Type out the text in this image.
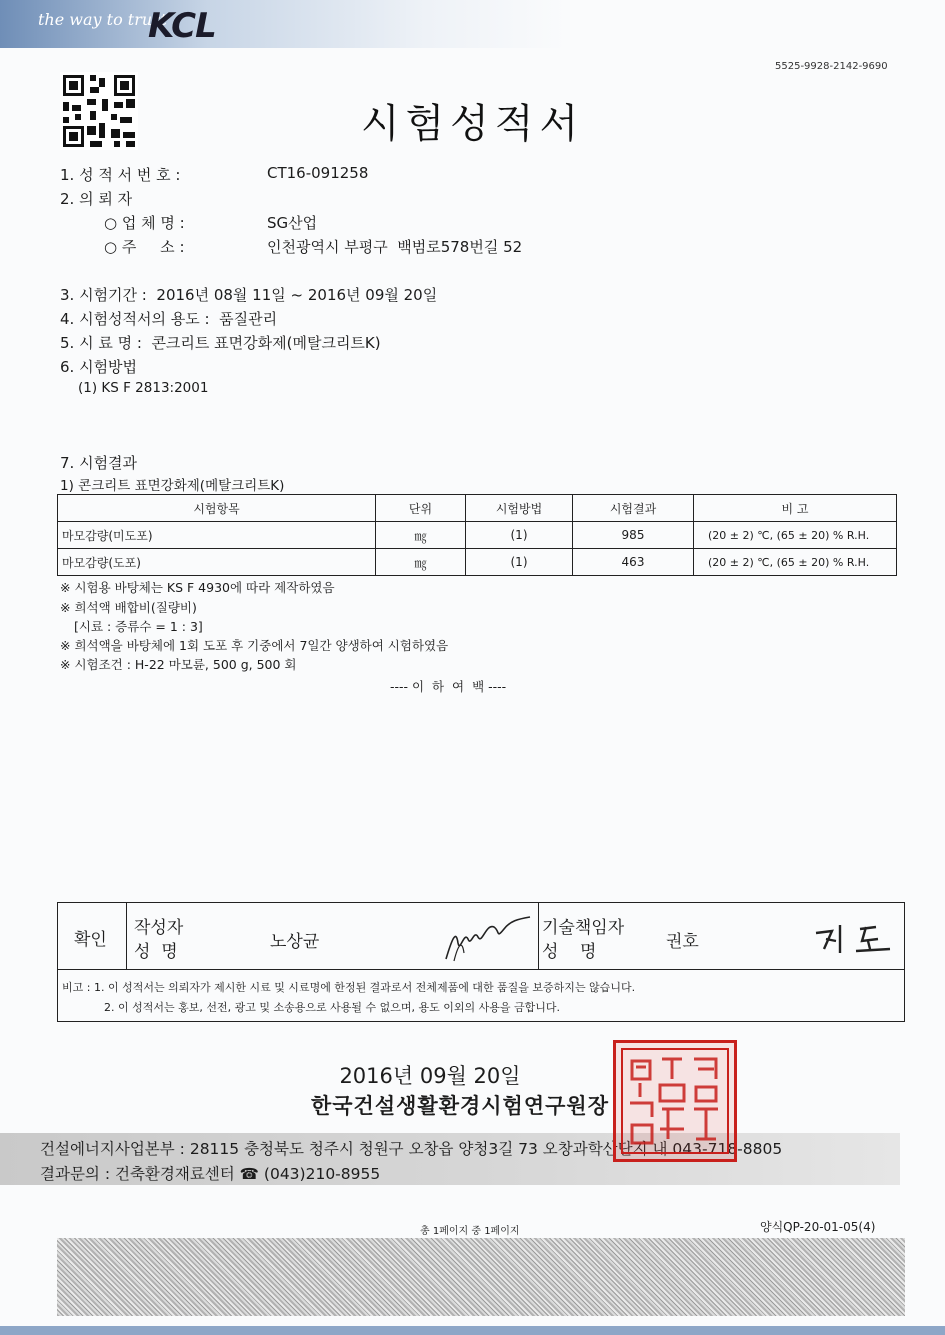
the way to trust
KCL
5525-9928-2142-9690
시험성적서
1. 성 적 서 번 호 :	CT16-091258
2. 의 뢰 자
○ 업 체 명 :	SG산업
○ 주     소 :	인천광역시 부평구  백범로578번길 52
3. 시험기간 :  2016년 08월 11일 ~ 2016년 09월 20일
4. 시험성적서의 용도 :  품질관리
5. 시 료 명 :  콘크리트 표면강화제(메탈크리트K)
6. 시험방법
(1) KS F 2813:2001
7. 시험결과
1) 콘크리트 표면강화제(메탈크리트K)
시험항목	단위	시험방법	시험결과	비 고
마모감량(미도포)	㎎	(1)	985	(20 ± 2) ℃, (65 ± 20) % R.H.
마모감량(도포)	㎎	(1)	463	(20 ± 2) ℃, (65 ± 20) % R.H.
※ 시험용 바탕체는 KS F 4930에 따라 제작하였음
※ 희석액 배합비(질량비)
[시료 : 증류수 = 1 : 3]
※ 희석액을 바탕체에 1회 도포 후 기중에서 7일간 양생하여 시험하였음
※ 시험조건 : H-22 마모륜, 500 g, 500 회
---- 이  하  여  백 ----
확인
작성자
성  명	노상균
기술책임자
성    명	권호
비고 : 1. 이 성적서는 의뢰자가 제시한 시료 및 시료명에 한정된 결과로서 전체제품에 대한 품질을 보증하지는 않습니다.
2. 이 성적서는 홍보, 선전, 광고 및 소송용으로 사용될 수 없으며, 용도 이외의 사용을 금합니다.
2016년 09월 20일
한국건설생활환경시험연구원장
건설에너지사업본부 : 28115 충청북도 청주시 청원구 오창읍 양청3길 73 오창과학산단지 내 043-718-8805
결과문의 : 건축환경재료센터 ☎ (043)210-8955
총 1페이지 중 1페이지	양식QP-20-01-05(4)
